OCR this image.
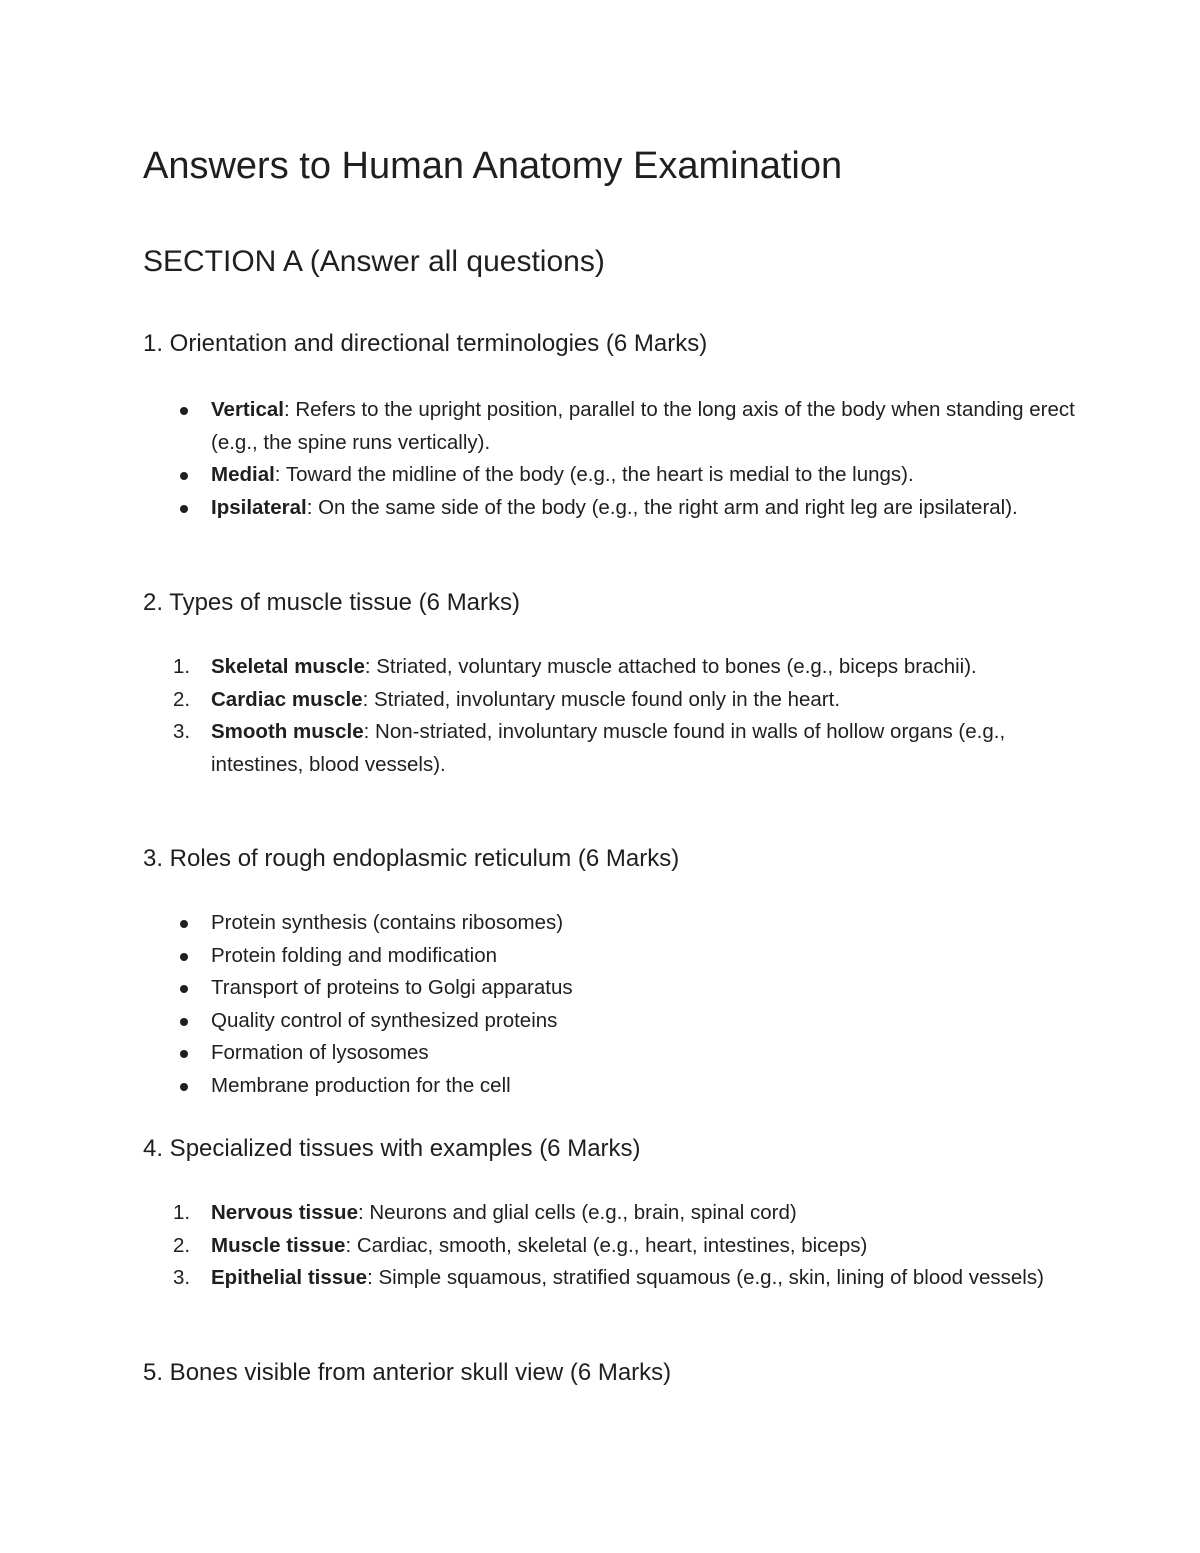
Answers to Human Anatomy Examination
SECTION A (Answer all questions)
1. Orientation and directional terminologies (6 Marks)
Vertical: Refers to the upright position, parallel to the long axis of the body when standing erect (e.g., the spine runs vertically).
Medial: Toward the midline of the body (e.g., the heart is medial to the lungs).
Ipsilateral: On the same side of the body (e.g., the right arm and right leg are ipsilateral).
2. Types of muscle tissue (6 Marks)
1.	Skeletal muscle: Striated, voluntary muscle attached to bones (e.g., biceps brachii).
2.	Cardiac muscle: Striated, involuntary muscle found only in the heart.
3.	Smooth muscle: Non-striated, involuntary muscle found in walls of hollow organs (e.g., intestines, blood vessels).
3. Roles of rough endoplasmic reticulum (6 Marks)
Protein synthesis (contains ribosomes)
Protein folding and modification
Transport of proteins to Golgi apparatus
Quality control of synthesized proteins
Formation of lysosomes
Membrane production for the cell
4. Specialized tissues with examples (6 Marks)
1.	Nervous tissue: Neurons and glial cells (e.g., brain, spinal cord)
2.	Muscle tissue: Cardiac, smooth, skeletal (e.g., heart, intestines, biceps)
3.	Epithelial tissue: Simple squamous, stratified squamous (e.g., skin, lining of blood vessels)
5. Bones visible from anterior skull view (6 Marks)
